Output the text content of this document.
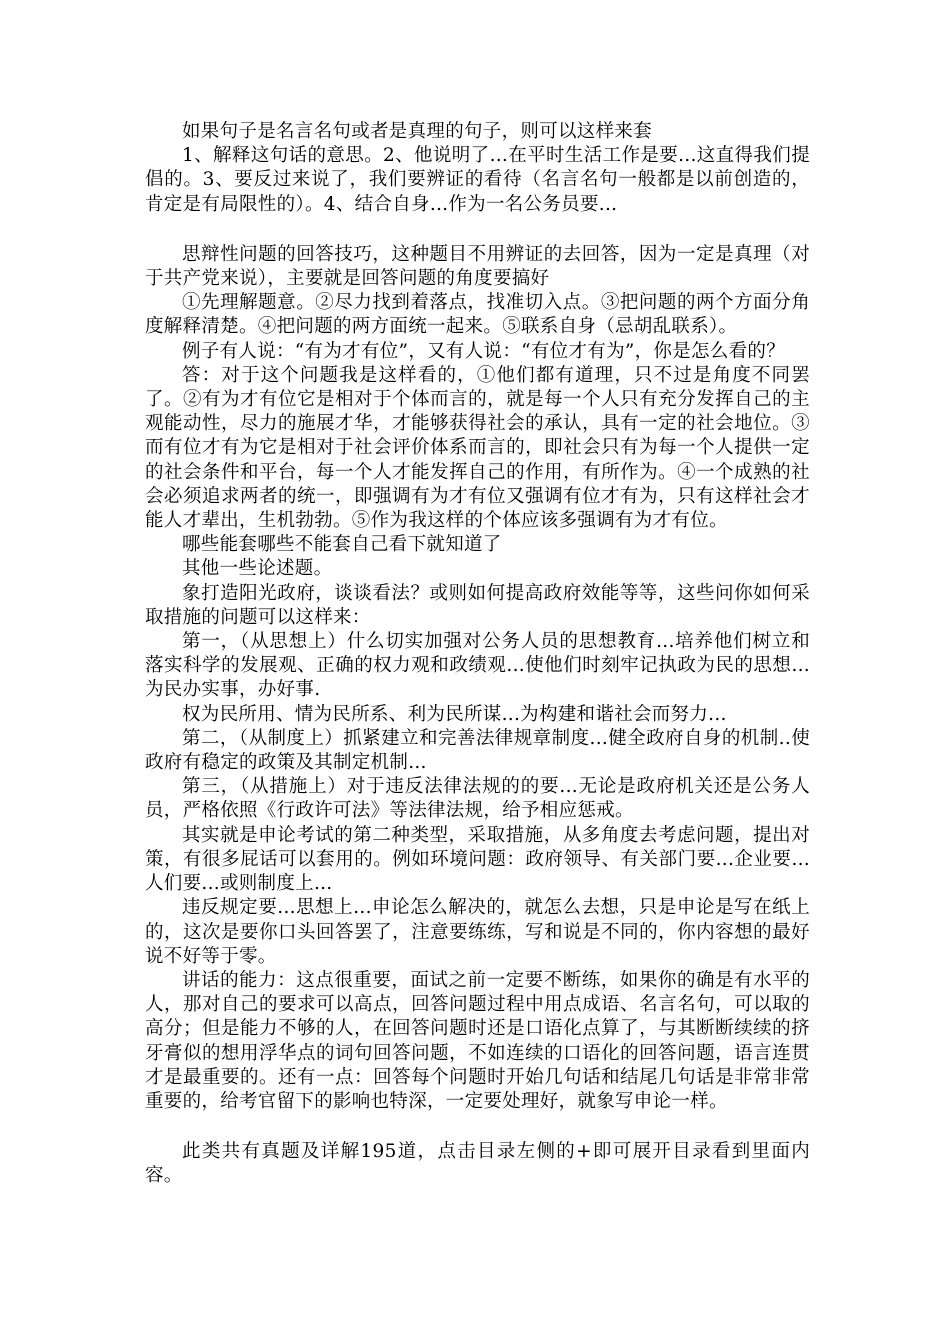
如果句子是名言名句或者是真理的句子，则可以这样来套

1、解释这句话的意思。2、他说明了...在平时生活工作是要...这直得我们提倡的。3、要反过来说了，我们要辨证的看待（名言名句一般都是以前创造的，肯定是有局限性的）。4、结合自身...作为一名公务员要...

思辩性问题的回答技巧，这种题目不用辨证的去回答，因为一定是真理（对于共产党来说），主要就是回答问题的角度要搞好

①先理解题意。②尽力找到着落点，找准切入点。③把问题的两个方面分角度解释清楚。④把问题的两方面统一起来。⑤联系自身（忌胡乱联系）。

例子有人说：“有为才有位”，又有人说：“有位才有为”，你是怎么看的？

答：对于这个问题我是这样看的，①他们都有道理，只不过是角度不同罢了。②有为才有位它是相对于个体而言的，就是每一个人只有充分发挥自己的主观能动性，尽力的施展才华，才能够获得社会的承认，具有一定的社会地位。③而有位才有为它是相对于社会评价体系而言的，即社会只有为每一个人提供一定的社会条件和平台，每一个人才能发挥自己的作用，有所作为。④一个成熟的社会必须追求两者的统一，即强调有为才有位又强调有位才有为，只有这样社会才能人才辈出，生机勃勃。⑤作为我这样的个体应该多强调有为才有位。

哪些能套哪些不能套自己看下就知道了

其他一些论述题。

象打造阳光政府，谈谈看法？或则如何提高政府效能等等，这些问你如何采取措施的问题可以这样来：

第一，（从思想上）什么切实加强对公务人员的思想教育...培养他们树立和落实科学的发展观、正确的权力观和政绩观...使他们时刻牢记执政为民的思想...为民办实事，办好事.

权为民所用、情为民所系、利为民所谋...为构建和谐社会而努力...

第二，（从制度上）抓紧建立和完善法律规章制度...健全政府自身的机制..使政府有稳定的政策及其制定机制...

第三，（从措施上）对于违反法律法规的的要...无论是政府机关还是公务人员，严格依照《行政许可法》等法律法规，给予相应惩戒。

其实就是申论考试的第二种类型，采取措施，从多角度去考虑问题，提出对策，有很多屁话可以套用的。例如环境问题：政府领导、有关部门要...企业要...人们要...或则制度上...

违反规定要...思想上...申论怎么解决的，就怎么去想，只是申论是写在纸上的，这次是要你口头回答罢了，注意要练练，写和说是不同的，你内容想的最好说不好等于零。

讲话的能力：这点很重要，面试之前一定要不断练，如果你的确是有水平的人，那对自己的要求可以高点，回答问题过程中用点成语、名言名句，可以取的高分；但是能力不够的人，在回答问题时还是口语化点算了，与其断断续续的挤牙膏似的想用浮华点的词句回答问题，不如连续的口语化的回答问题，语言连贯才是最重要的。还有一点：回答每个问题时开始几句话和结尾几句话是非常非常重要的，给考官留下的影响也特深，一定要处理好，就象写申论一样。

此类共有真题及详解195道，点击目录左侧的+即可展开目录看到里面内容。
